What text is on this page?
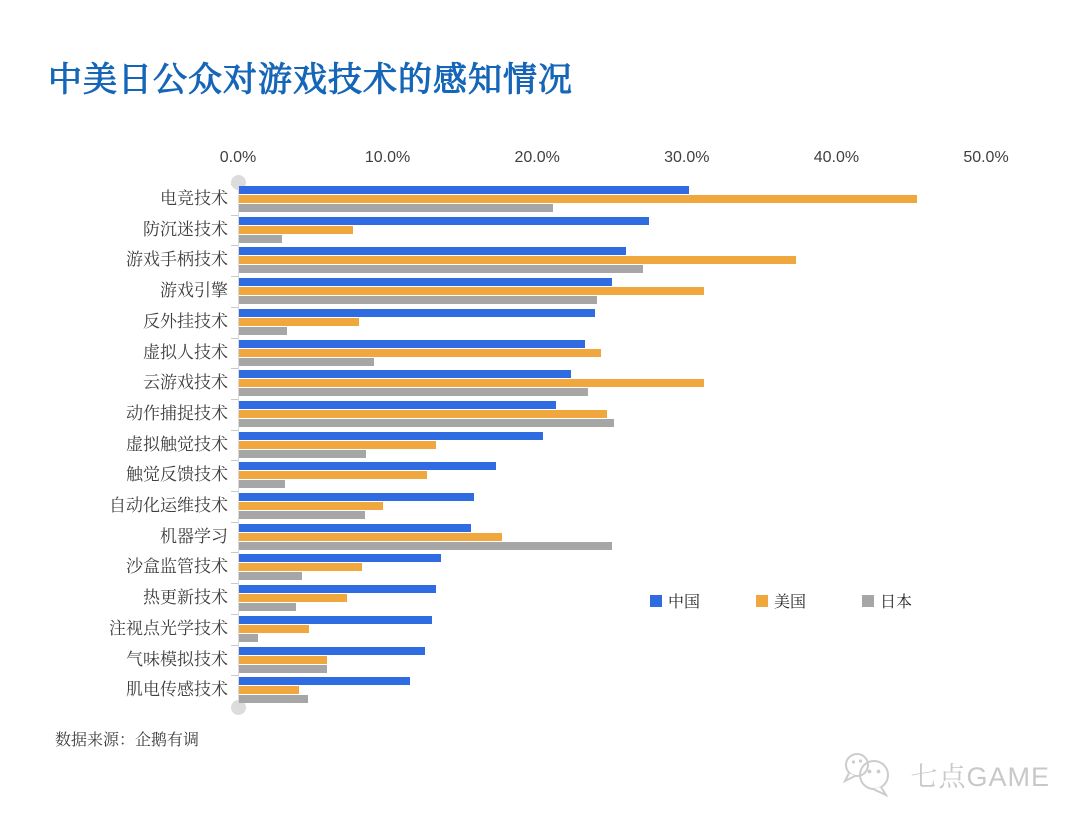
中美日公众对游戏技术的感知情况
0.0%	10.0%	20.0%	30.0%	40.0%	50.0%
电竞技术
防沉迷技术
游戏手柄技术
游戏引擎
反外挂技术
虚拟人技术
云游戏技术
动作捕捉技术
虚拟触觉技术
触觉反馈技术
自动化运维技术
机器学习
沙盒监管技术
热更新技术
注视点光学技术
气味模拟技术
肌电传感技术
中国	美国	日本
数据来源：企鹅有调
七点GAME
